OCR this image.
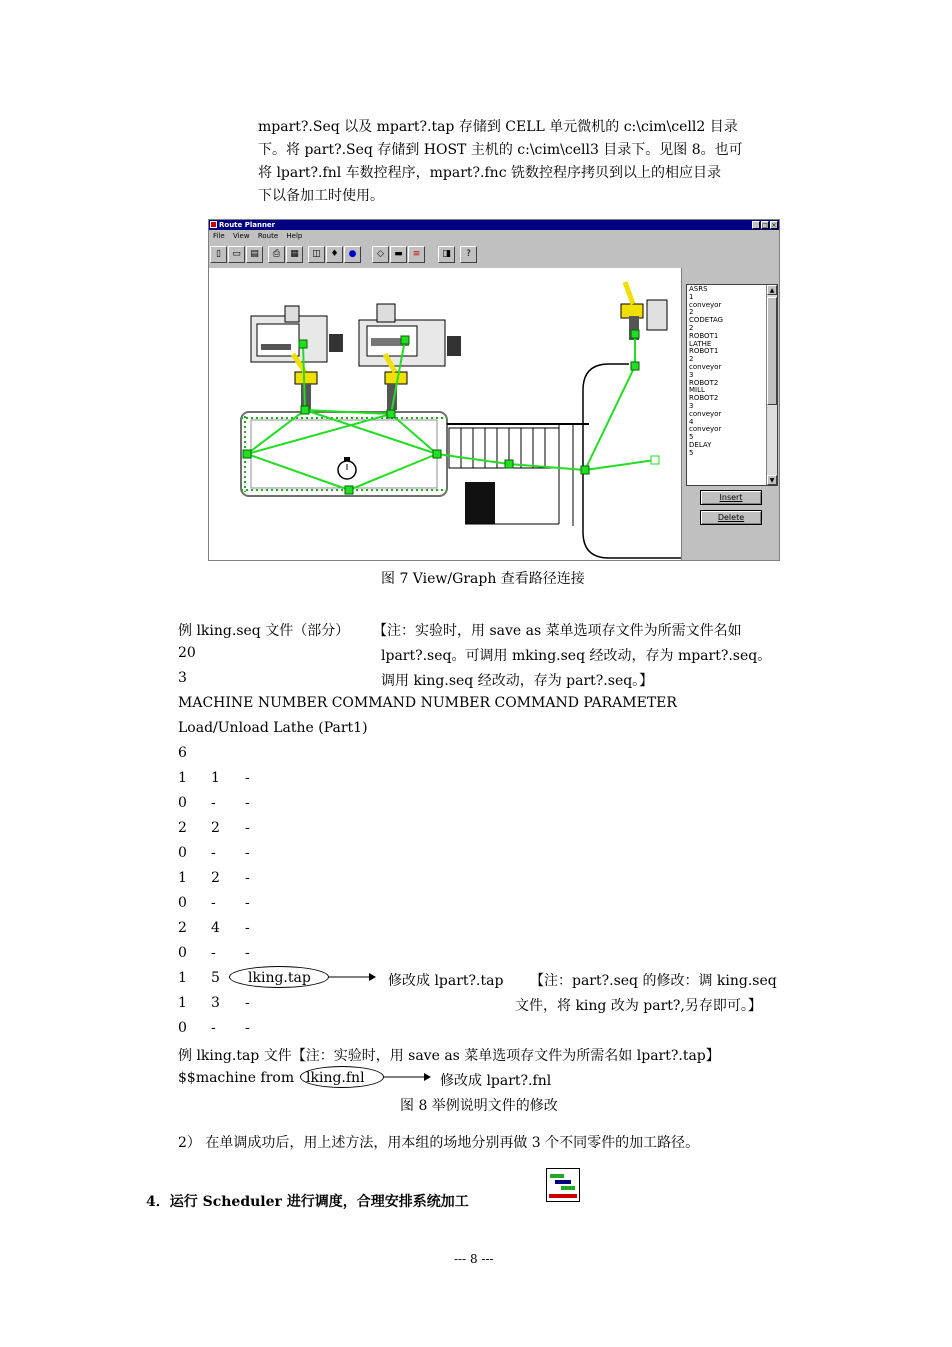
mpart?.Seq 以及 mpart?.tap 存储到 CELL 单元微机的 c:\cim\cell2 目录
下。将 part?.Seq 存储到 HOST 主机的 c:\cim\cell3 目录下。见图 8。也可
将 lpart?.fnl 车数控程序，mpart?.fnc 铣数控程序拷贝到以上的相应目录
下以备加工时使用。
Route Planner	_ □ ×
File View Route Help
▯	▭	▤	⎙	▦	◫	♦	●	◇	▬	≡	◨	?
ASRS
1
conveyor
2
CODETAG
2
ROBOT1
LATHE
ROBOT1
2
conveyor
3
ROBOT2
MILL
ROBOT2
3
conveyor
4
conveyor
5
DELAY
5
▲
▼
Insert
Delete
图 7 View/Graph 查看路径连接
例 lking.seq 文件（部分） 【注：实验时，用 save as 菜单选项存文件为所需文件名如
20	lpart?.seq。可调用 mking.seq 经改动，存为 mpart?.seq。
3	调用 king.seq 经改动，存为 part?.seq。】
MACHINE NUMBER COMMAND NUMBER COMMAND PARAMETER
Load/Unload Lathe (Part1)
6
1 1 -
0 - -
2 2 -
0 - -
1 2 -
0 - -
2 4 -
0 - -
1 5 lking.tap
1 3 -
0 - -
修改成 lpart?.tap 【注：part?.seq 的修改：调 king.seq
文件，将 king 改为 part?,另存即可。】
例 lking.tap 文件【注：实验时，用 save as 菜单选项存文件为所需名如 lpart?.tap】
$$machine from lking.fnl	修改成 lpart?.fnl
图 8 举例说明文件的修改
2） 在单调成功后，用上述方法，用本组的场地分别再做 3 个不同零件的加工路径。
4．运行 Scheduler 进行调度，合理安排系统加工
--- 8 ---
